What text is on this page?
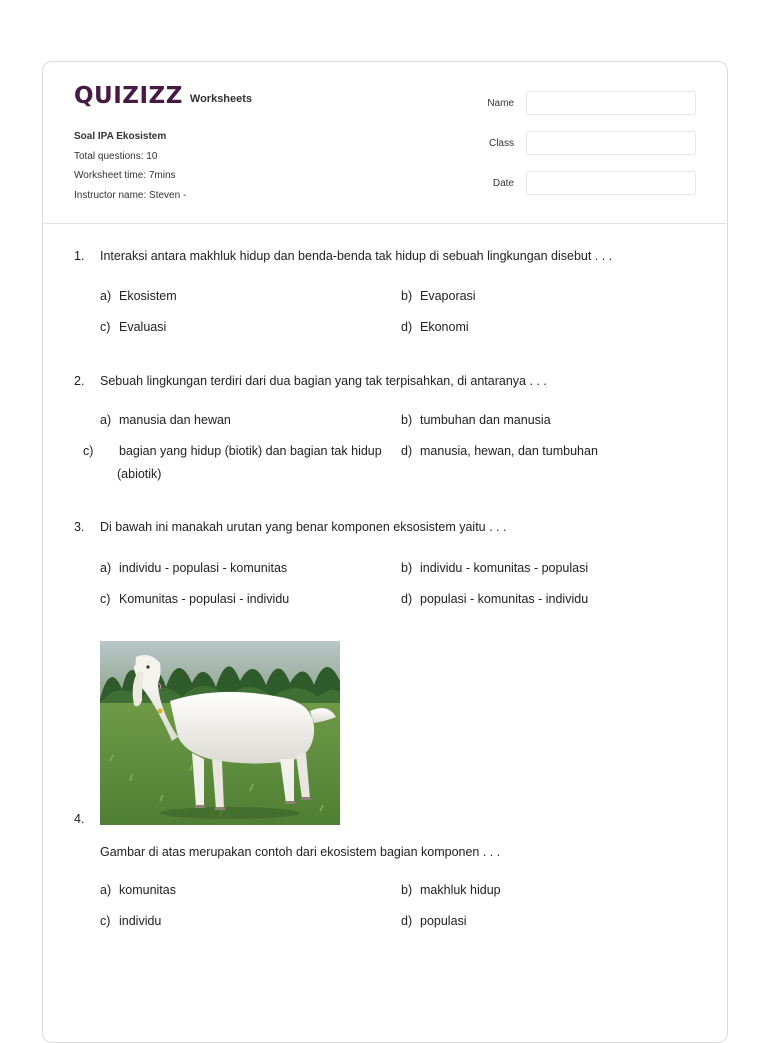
QUIZIZZ Worksheets
Soal IPA Ekosistem
Total questions: 10
Worksheet time: 7mins
Instructor name: Steven -
Name
Class
Date
1.	Interaksi antara makhluk hidup dan benda-benda tak hidup di sebuah lingkungan disebut . . .
a) Ekosistem	b) Evaporasi
c) Evaluasi	d) Ekonomi
2.	Sebuah lingkungan terdiri dari dua bagian yang tak terpisahkan, di antaranya . . .
a) manusia dan hewan	b) tumbuhan dan manusia
c) bagian yang hidup (biotik) dan bagian tak hidup (abiotik)
d) manusia, hewan, dan tumbuhan
3.	Di bawah ini manakah urutan yang benar komponen eksosistem yaitu . . .
a) individu - populasi - komunitas	b) individu - komunitas - populasi
c) Komunitas - populasi - individu	d) populasi - komunitas - individu
4.
Gambar di atas merupakan contoh dari ekosistem bagian komponen . . .
a) komunitas	b) makhluk hidup
c) individu	d) populasi
